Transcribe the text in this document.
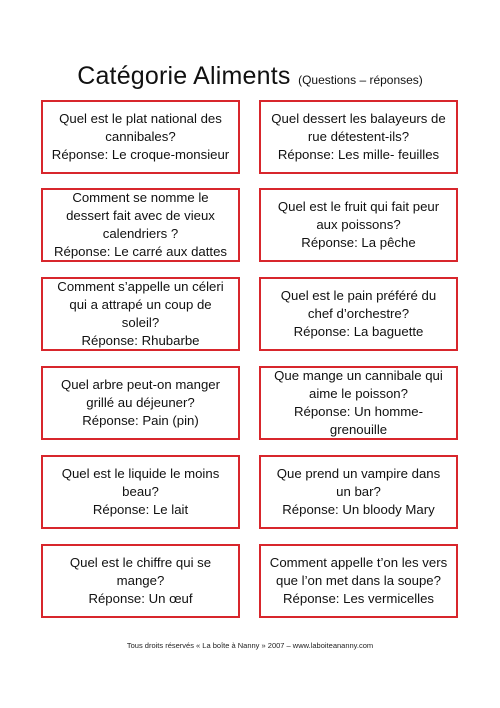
Catégorie Aliments (Questions – réponses)
Quel est le plat national des cannibales?
Réponse: Le croque-monsieur
Quel dessert les balayeurs de rue détestent-ils?
Réponse: Les mille- feuilles
Comment se nomme le dessert fait avec de vieux calendriers ?
Réponse: Le carré aux dattes
Quel est le fruit qui fait peur aux poissons?
Réponse: La pêche
Comment s’appelle un céleri qui a attrapé un coup de soleil?
Réponse: Rhubarbe
Quel est le pain préféré du chef d’orchestre?
Réponse: La baguette
Quel arbre peut-on manger grillé au déjeuner?
Réponse: Pain (pin)
Que mange un cannibale qui aime le poisson?
Réponse: Un homme-grenouille
Quel est le liquide le moins beau?
Réponse: Le lait
Que prend un vampire dans un bar?
Réponse: Un bloody Mary
Quel est le chiffre qui se mange?
Réponse: Un œuf
Comment appelle t’on les vers que l’on met dans la soupe?
Réponse: Les vermicelles
Tous droits réservés « La boîte à Nanny » 2007 – www.laboiteananny.com
